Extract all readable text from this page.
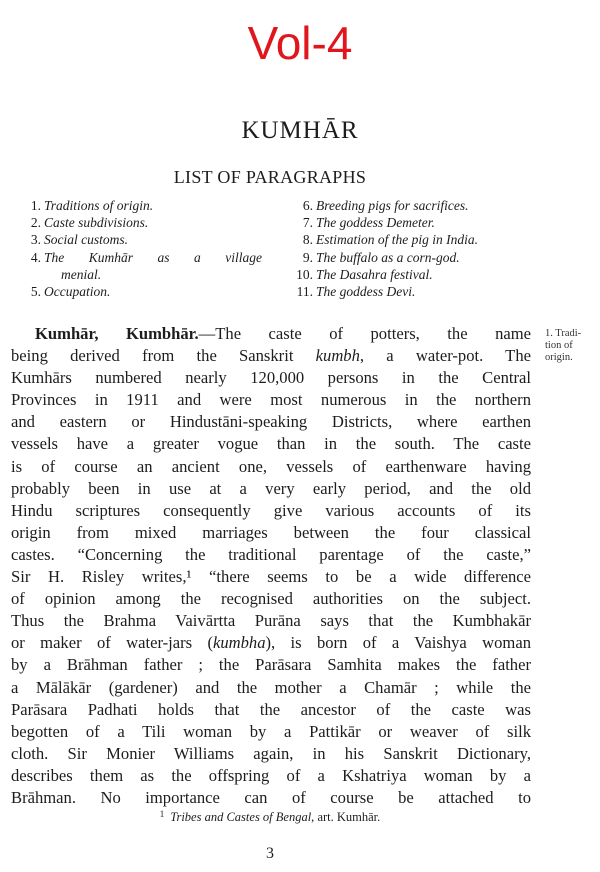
Vol-4
KUMHĀR
LIST OF PARAGRAPHS
1. Traditions of origin.
2. Caste subdivisions.
3. Social customs.
4. The Kumhār as a village
menial.
5. Occupation.
6. Breeding pigs for sacrifices.
7. The goddess Demeter.
8. Estimation of the pig in India.
9. The buffalo as a corn-god.
10. The Dasahra festival.
11. The goddess Devi.
Kumhār, Kumbhār.—The caste of potters, the name
being derived from the Sanskrit kumbh, a water-pot. The
Kumhārs numbered nearly 120,000 persons in the Central
Provinces in 1911 and were most numerous in the northern
and eastern or Hindustāni-speaking Districts, where earthen
vessels have a greater vogue than in the south. The caste
is of course an ancient one, vessels of earthenware having
probably been in use at a very early period, and the old
Hindu scriptures consequently give various accounts of its
origin from mixed marriages between the four classical
castes. “Concerning the traditional parentage of the caste,”
Sir H. Risley writes,¹ “there seems to be a wide difference
of opinion among the recognised authorities on the subject.
Thus the Brahma Vaivārtta Purāna says that the Kumbhakār
or maker of water-jars (kumbha), is born of a Vaishya woman
by a Brāhman father ; the Parāsara Samhita makes the father
a Mālākār (gardener) and the mother a Chamār ; while the
Parāsara Padhati holds that the ancestor of the caste was
begotten of a Tili woman by a Pattikār or weaver of silk
cloth. Sir Monier Williams again, in his Sanskrit Dictionary,
describes them as the offspring of a Kshatriya woman by a
Brāhman. No importance can of course be attached to
1. Tradi-
tion of
origin.
$^1$ Tribes and Castes of Bengal, art. Kumhār.
3
